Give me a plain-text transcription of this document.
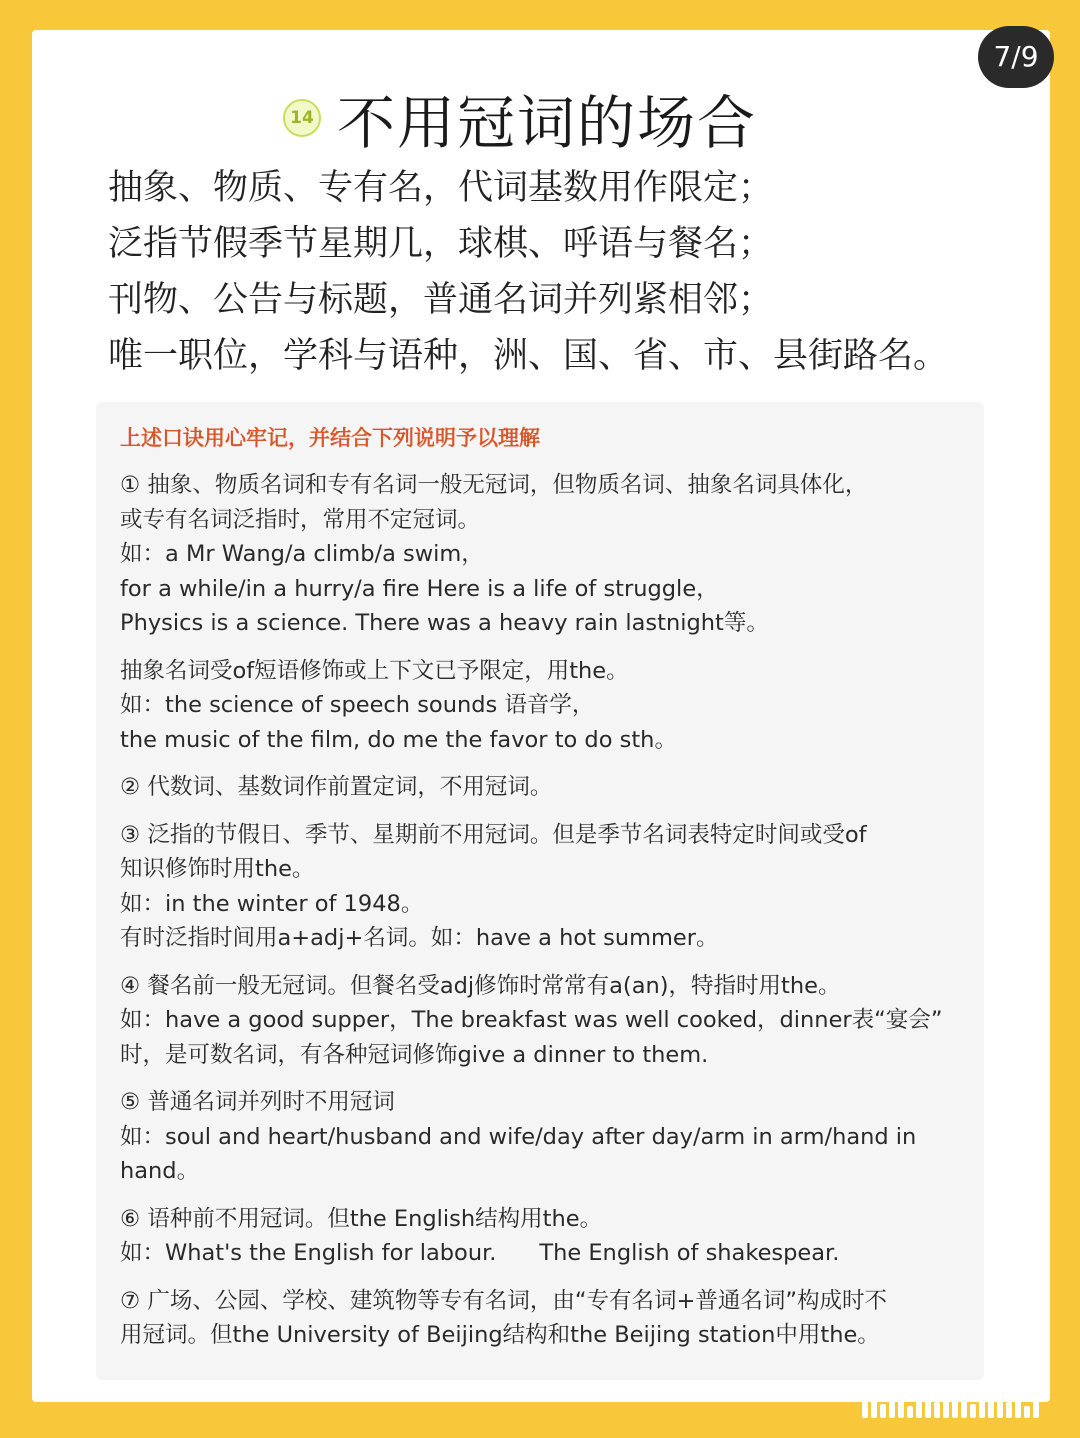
7/9
14 不用冠词的场合
抽象、物质、专有名，代词基数用作限定；
泛指节假季节星期几，球棋、呼语与餐名；
刊物、公告与标题，普通名词并列紧相邻；
唯一职位，学科与语种，洲、国、省、市、县街路名。
上述口诀用心牢记，并结合下列说明予以理解
① 抽象、物质名词和专有名词一般无冠词，但物质名词、抽象名词具体化，
或专有名词泛指时，常用不定冠词。
如：a Mr Wang/a climb/a swim，
for a while/in a hurry/a fire Here is a life of struggle，
Physics is a science. There was a heavy rain lastnight等。
抽象名词受of短语修饰或上下文已予限定，用the。
如：the science of speech sounds 语音学，
the music of the film, do me the favor to do sth。
② 代数词、基数词作前置定词，不用冠词。
③ 泛指的节假日、季节、星期前不用冠词。但是季节名词表特定时间或受of
知识修饰时用the。
如：in the winter of 1948。
有时泛指时间用a+adj+名词。如：have a hot summer。
④ 餐名前一般无冠词。但餐名受adj修饰时常常有a(an)，特指时用the。
如：have a good supper，The breakfast was well cooked，dinner表“宴会”
时，是可数名词，有各种冠词修饰give a dinner to them.
⑤ 普通名词并列时不用冠词
如：soul and heart/husband and wife/day after day/arm in arm/hand in
hand。
⑥ 语种前不用冠词。但the English结构用the。
如：What's the English for labour.      The English of shakespear.
⑦ 广场、公园、学校、建筑物等专有名词，由“专有名词+普通名词”构成时不
用冠词。但the University of Beijing结构和the Beijing station中用the。
